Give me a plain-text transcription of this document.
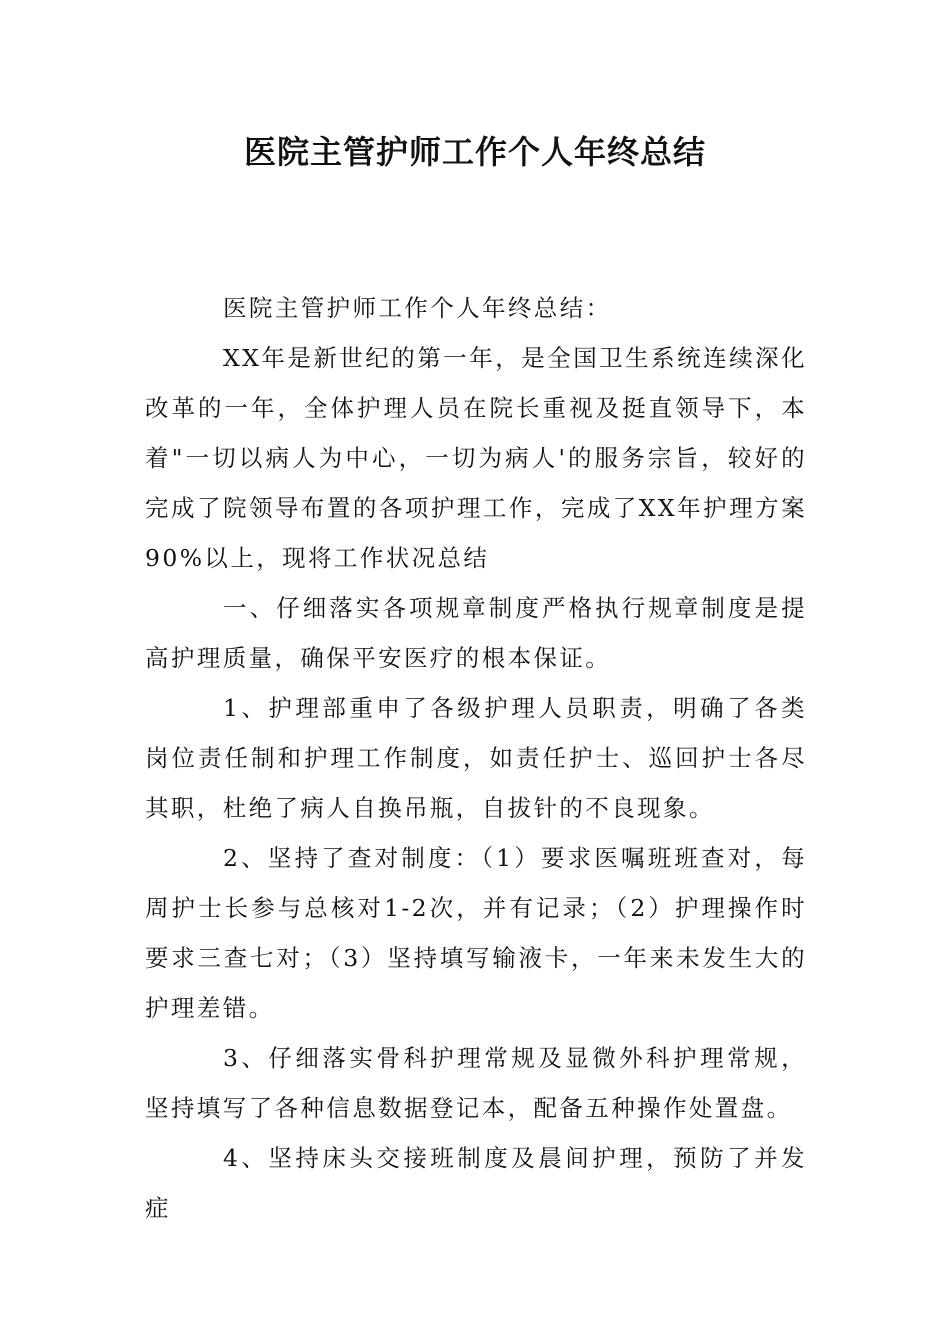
医院主管护师工作个人年终总结

医院主管护师工作个人年终总结：

XX年是新世纪的第一年，是全国卫生系统连续深化改革的一年，全体护理人员在院长重视及挺直领导下，本着"一切以病人为中心，一切为病人'的服务宗旨，较好的完成了院领导布置的各项护理工作，完成了XX年护理方案90%以上，现将工作状况总结

一、仔细落实各项规章制度严格执行规章制度是提高护理质量，确保平安医疗的根本保证。

1、护理部重申了各级护理人员职责，明确了各类岗位责任制和护理工作制度，如责任护士、巡回护士各尽其职，杜绝了病人自换吊瓶，自拔针的不良现象。

2、坚持了查对制度：（1）要求医嘱班班查对，每周护士长参与总核对1-2次，并有记录；（2）护理操作时要求三查七对；（3）坚持填写输液卡，一年来未发生大的护理差错。

3、仔细落实骨科护理常规及显微外科护理常规，坚持填写了各种信息数据登记本，配备五种操作处置盘。

4、坚持床头交接班制度及晨间护理，预防了并发症
